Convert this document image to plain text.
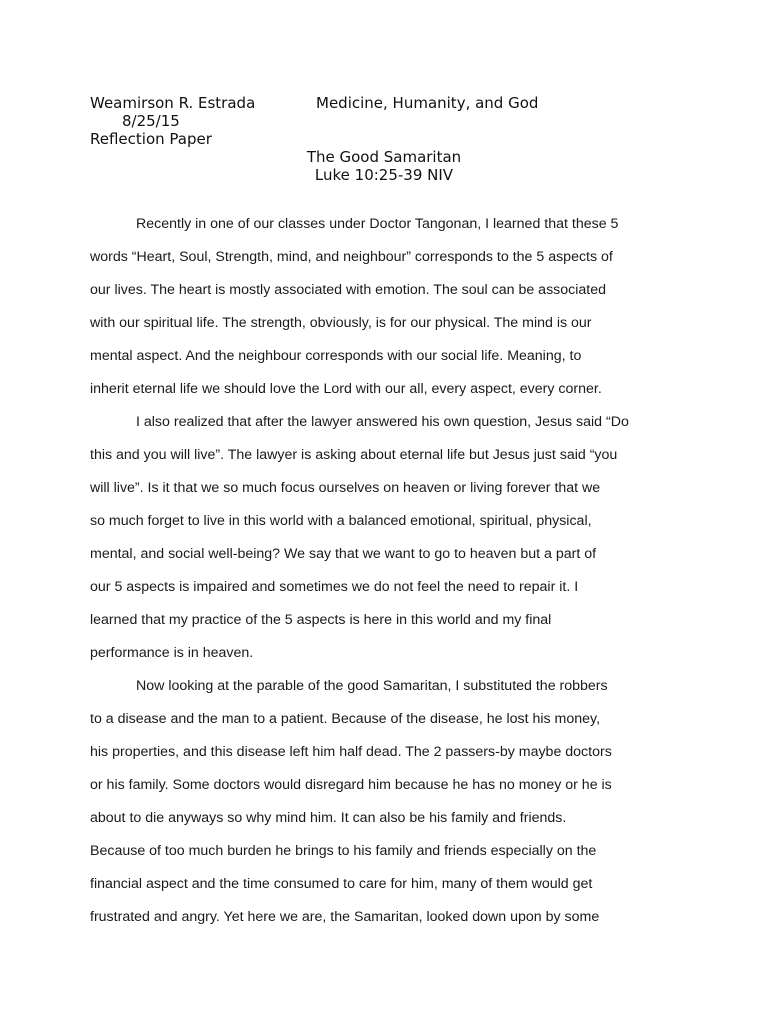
Weamirson R. Estrada	Medicine, Humanity, and God
8/25/15
Reflection Paper
The Good Samaritan
Luke 10:25-39 NIV
Recently in one of our classes under Doctor Tangonan, I learned that these 5
words “Heart, Soul, Strength, mind, and neighbour” corresponds to the 5 aspects of
our lives. The heart is mostly associated with emotion. The soul can be associated
with our spiritual life. The strength, obviously, is for our physical. The mind is our
mental aspect. And the neighbour corresponds with our social life. Meaning, to
inherit eternal life we should love the Lord with our all, every aspect, every corner.
I also realized that after the lawyer answered his own question, Jesus said “Do
this and you will live”. The lawyer is asking about eternal life but Jesus just said “you
will live”. Is it that we so much focus ourselves on heaven or living forever that we
so much forget to live in this world with a balanced emotional, spiritual, physical,
mental, and social well-being? We say that we want to go to heaven but a part of
our 5 aspects is impaired and sometimes we do not feel the need to repair it. I
learned that my practice of the 5 aspects is here in this world and my final
performance is in heaven.
Now looking at the parable of the good Samaritan, I substituted the robbers
to a disease and the man to a patient. Because of the disease, he lost his money,
his properties, and this disease left him half dead. The 2 passers-by maybe doctors
or his family. Some doctors would disregard him because he has no money or he is
about to die anyways so why mind him. It can also be his family and friends.
Because of too much burden he brings to his family and friends especially on the
financial aspect and the time consumed to care for him, many of them would get
frustrated and angry. Yet here we are, the Samaritan, looked down upon by some
